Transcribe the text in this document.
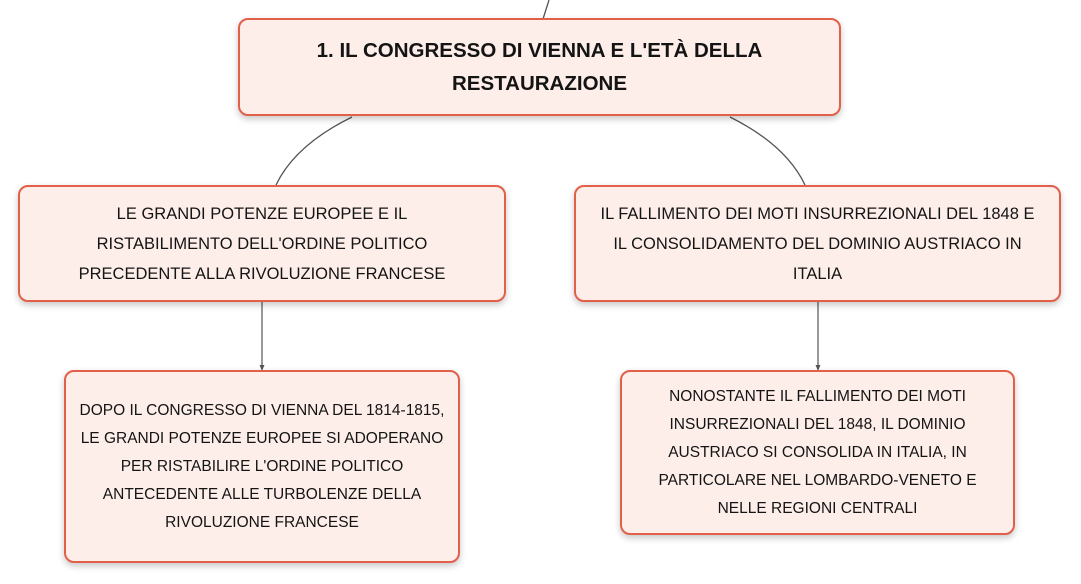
1. IL CONGRESSO DI VIENNA E L'ETÀ DELLA RESTAURAZIONE
LE GRANDI POTENZE EUROPEE E IL RISTABILIMENTO DELL'ORDINE POLITICO PRECEDENTE ALLA RIVOLUZIONE FRANCESE
IL FALLIMENTO DEI MOTI INSURREZIONALI DEL 1848 E IL CONSOLIDAMENTO DEL DOMINIO AUSTRIACO IN ITALIA
DOPO IL CONGRESSO DI VIENNA DEL 1814-1815, LE GRANDI POTENZE EUROPEE SI ADOPERANO PER RISTABILIRE L'ORDINE POLITICO ANTECEDENTE ALLE TURBOLENZE DELLA RIVOLUZIONE FRANCESE
NONOSTANTE IL FALLIMENTO DEI MOTI INSURREZIONALI DEL 1848, IL DOMINIO AUSTRIACO SI CONSOLIDA IN ITALIA, IN PARTICOLARE NEL LOMBARDO-VENETO E NELLE REGIONI CENTRALI
